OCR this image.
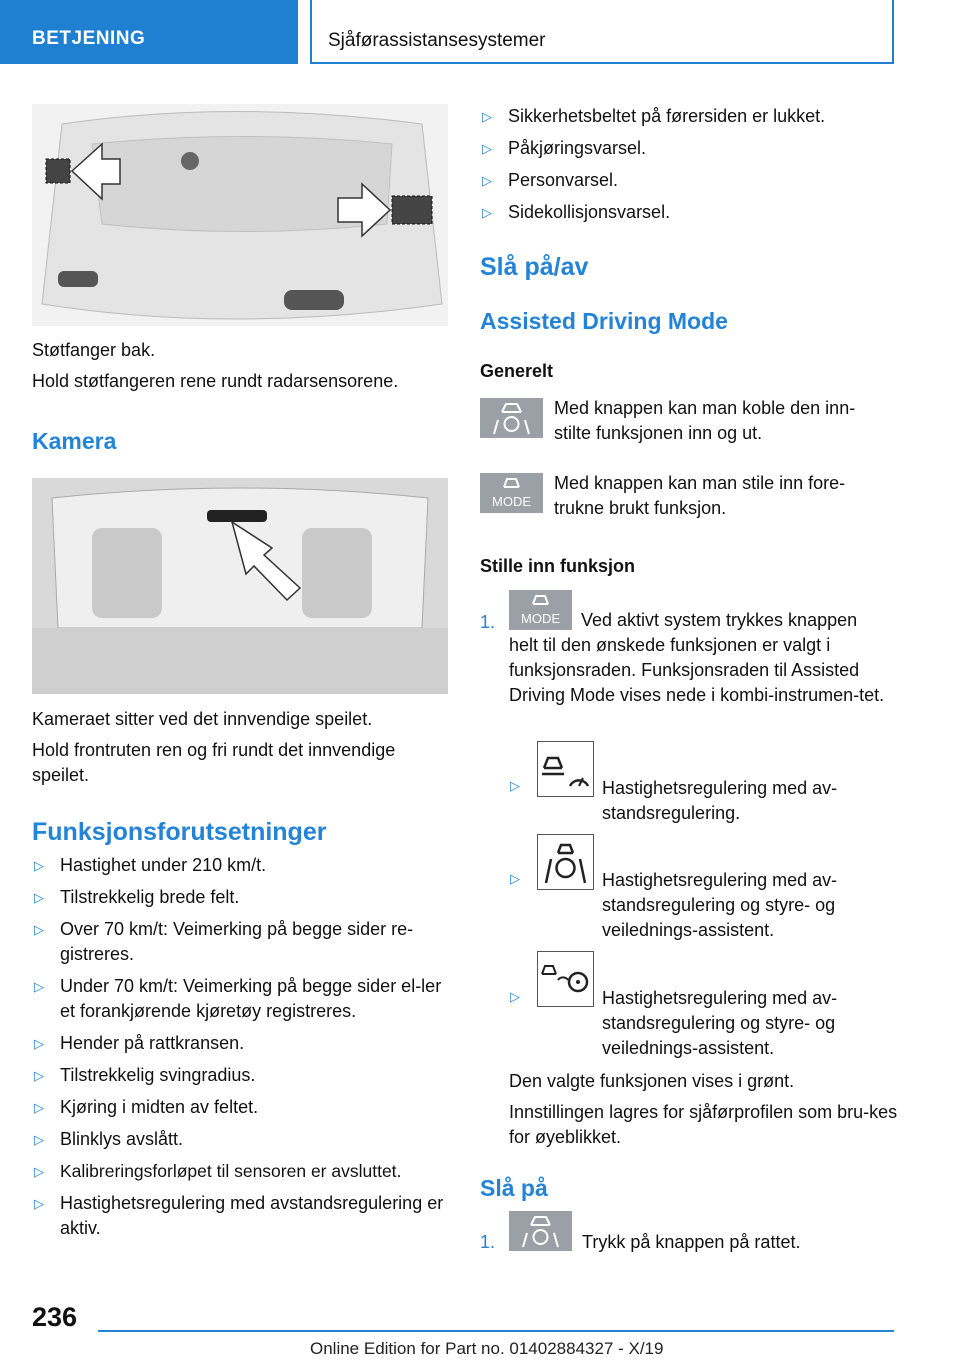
BETJENING	Sjåførassistansesystemer

Støtfanger bak.

Hold støtfangeren rene rundt radarsensorene.

Kamera

Kameraet sitter ved det innvendige speilet.

Hold frontruten ren og fri rundt det innvendige speilet.

Funksjonsforutsetninger
▷ Hastighet under 210 km/t.
▷ Tilstrekkelig brede felt.
▷ Over 70 km/t: Veimerking på begge sider re-gistreres.
▷ Under 70 km/t: Veimerking på begge sider el-ler et forankjørende kjøretøy registreres.
▷ Hender på rattkransen.
▷ Tilstrekkelig svingradius.
▷ Kjøring i midten av feltet.
▷ Blinklys avslått.
▷ Kalibreringsforløpet til sensoren er avsluttet.
▷ Hastighetsregulering med avstandsregulering er aktiv.
▷ Sikkerhetsbeltet på førersiden er lukket.
▷ Påkjøringsvarsel.
▷ Personvarsel.
▷ Sidekollisjonsvarsel.
Slå på/av
Assisted Driving Mode
Generelt

Med knappen kan man koble den inn-stilte funksjonen inn og ut.

MODE

Med knappen kan man stile inn fore-trukne brukt funksjon.

Stille inn funksjon
1.	MODE	Ved aktivt system trykkes knappen

helt til den ønskede funksjonen er valgt i funksjonsraden. Funksjonsraden til Assisted Driving Mode vises nede i kombi-instrumen-tet.

▷	Hastighetsregulering med av-standsregulering.

▷	Hastighetsregulering med av-standsregulering og styre- og veilednings-assistent.

▷	Hastighetsregulering med av-standsregulering og styre- og veilednings-assistent.

Den valgte funksjonen vises i grønt.

Innstillingen lagres for sjåførprofilen som bru-kes for øyeblikket.

Slå på
1.	Trykk på knappen på rattet.

236
Online Edition for Part no. 01402884327 - X/19
